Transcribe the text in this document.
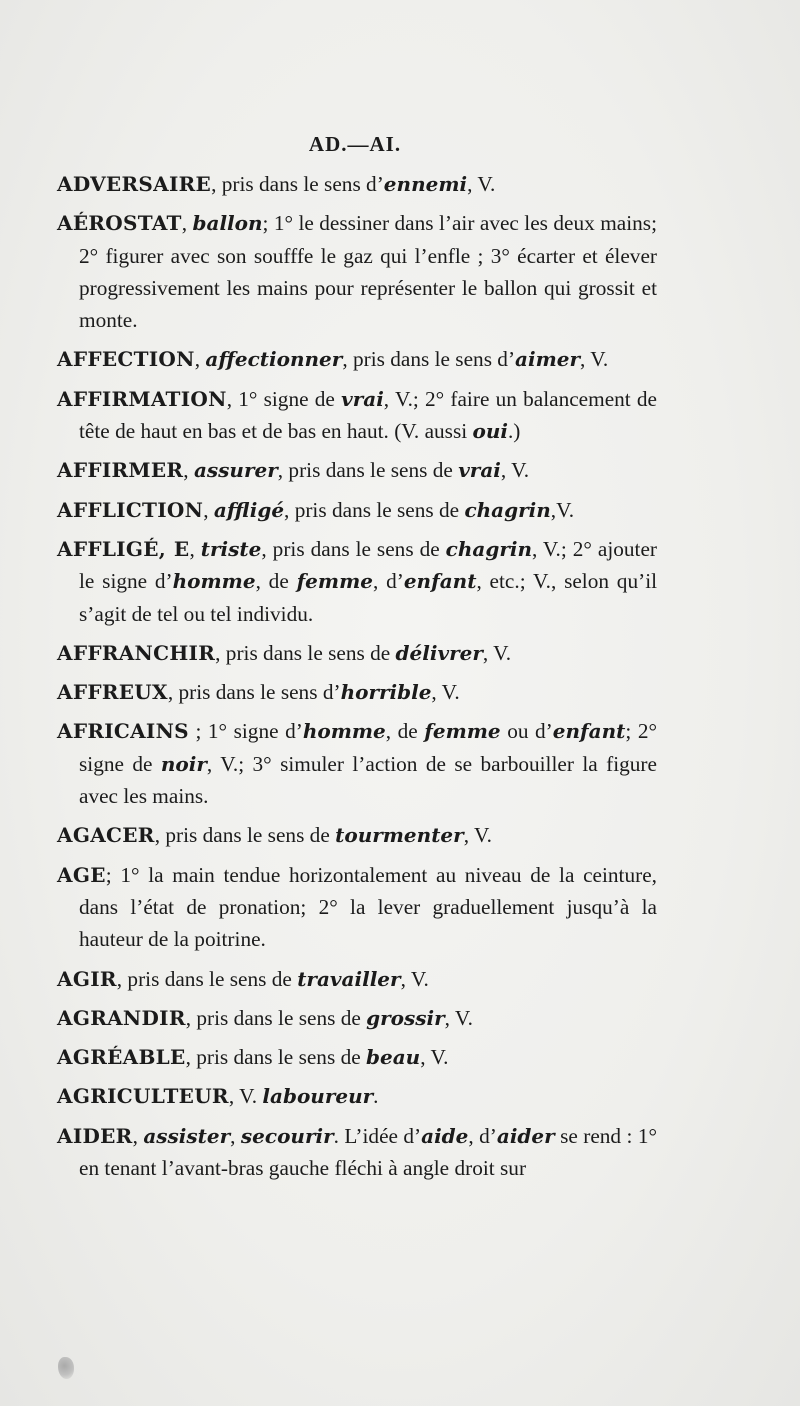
AD.—AI.

ADVERSAIRE, pris dans le sens d’ennemi, V.

AÉROSTAT, ballon; 1° le dessiner dans l’air avec les deux mains; 2° figurer avec son soufffe le gaz qui l’enfle ; 3° écarter et élever progressivement les mains pour représenter le ballon qui grossit et monte.

AFFECTION, affectionner, pris dans le sens d’aimer, V.

AFFIRMATION, 1° signe de vrai, V.; 2° faire un balancement de tête de haut en bas et de bas en haut. (V. aussi oui.)

AFFIRMER, assurer, pris dans le sens de vrai, V.

AFFLICTION, affligé, pris dans le sens de chagrin,V.

AFFLIGÉ, E, triste, pris dans le sens de chagrin, V.; 2° ajouter le signe d’homme, de femme, d’enfant, etc.; V., selon qu’il s’agit de tel ou tel individu.

AFFRANCHIR, pris dans le sens de délivrer, V.

AFFREUX, pris dans le sens d’horrible, V.

AFRICAINS ; 1° signe d’homme, de femme ou d’enfant; 2° signe de noir, V.; 3° simuler l’action de se barbouiller la figure avec les mains.

AGACER, pris dans le sens de tourmenter, V.

AGE; 1° la main tendue horizontalement au niveau de la ceinture, dans l’état de pronation; 2° la lever graduellement jusqu’à la hauteur de la poitrine.

AGIR, pris dans le sens de travailler, V.

AGRANDIR, pris dans le sens de grossir, V.

AGRÉABLE, pris dans le sens de beau, V.

AGRICULTEUR, V. laboureur.

AIDER, assister, secourir. L’idée d’aide, d’aider se rend : 1° en tenant l’avant-bras gauche fléchi à angle droit sur
